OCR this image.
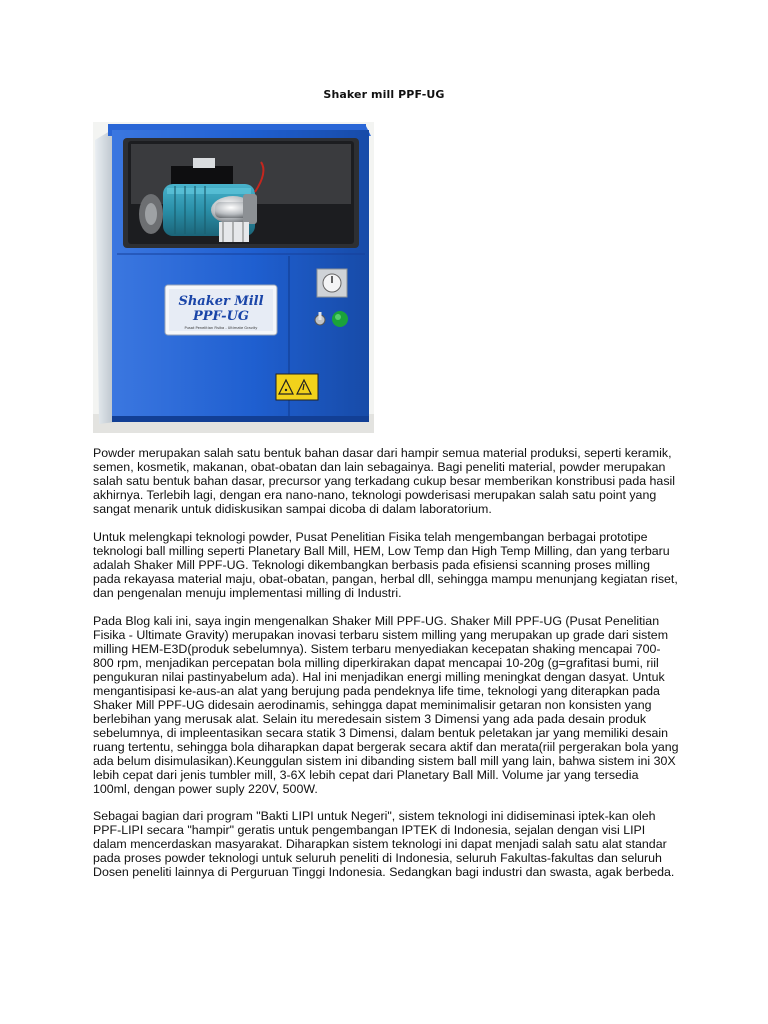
Shaker mill PPF-UG
Shaker Mill
PPF-UG
Pusat Penelitian Fisika - Ultimate Gravity

Powder merupakan salah satu bentuk bahan dasar dari hampir semua material produksi, seperti keramik, semen, kosmetik, makanan, obat-obatan dan lain sebagainya. Bagi peneliti material, powder merupakan salah satu bentuk bahan dasar, precursor yang terkadang cukup besar memberikan konstribusi pada hasil akhirnya. Terlebih lagi, dengan era nano-nano, teknologi powderisasi merupakan salah satu point yang sangat menarik untuk didiskusikan sampai dicoba di dalam laboratorium.

Untuk melengkapi teknologi powder, Pusat Penelitian Fisika telah mengembangan berbagai prototipe teknologi ball milling seperti Planetary Ball Mill, HEM, Low Temp dan High Temp Milling, dan yang terbaru adalah Shaker Mill PPF-UG. Teknologi dikembangkan berbasis pada efisiensi scanning proses milling pada rekayasa material maju, obat-obatan, pangan, herbal dll, sehingga mampu menunjang kegiatan riset, dan pengenalan menuju implementasi milling di Industri.

Pada Blog kali ini, saya ingin mengenalkan Shaker Mill PPF-UG. Shaker Mill PPF-UG (Pusat Penelitian Fisika - Ultimate Gravity) merupakan inovasi terbaru sistem milling yang merupakan up grade dari sistem milling HEM-E3D(produk sebelumnya). Sistem terbaru menyediakan kecepatan shaking mencapai 700-800 rpm, menjadikan percepatan bola milling diperkirakan dapat mencapai 10-20g (g=grafitasi bumi, riil pengukuran nilai pastinyabelum ada). Hal ini menjadikan energi milling meningkat dengan dasyat. Untuk mengantisipasi ke-aus-an alat yang berujung pada pendeknya life time, teknologi yang diterapkan pada Shaker Mill PPF-UG didesain aerodinamis, sehingga dapat meminimalisir getaran non konsisten yang berlebihan yang merusak alat. Selain itu meredesain sistem 3 Dimensi yang ada pada desain produk sebelumnya, di impleentasikan secara statik 3 Dimensi, dalam bentuk peletakan jar yang memiliki desain ruang tertentu, sehingga bola diharapkan dapat bergerak secara aktif dan merata(riil pergerakan bola yang ada belum disimulasikan).Keunggulan sistem ini dibanding sistem ball mill yang lain, bahwa sistem ini 30X lebih cepat dari jenis tumbler mill, 3-6X lebih cepat dari Planetary Ball Mill. Volume jar yang tersedia 100ml, dengan power suply 220V, 500W.

Sebagai bagian dari program "Bakti LIPI untuk Negeri", sistem teknologi ini didiseminasi iptek-kan oleh PPF-LIPI secara "hampir" geratis untuk pengembangan IPTEK di Indonesia, sejalan dengan visi LIPI dalam mencerdaskan masyarakat. Diharapkan sistem teknologi ini dapat menjadi salah satu alat standar pada proses powder teknologi untuk seluruh peneliti di Indonesia, seluruh Fakultas-fakultas dan seluruh Dosen peneliti lainnya di Perguruan Tinggi Indonesia. Sedangkan bagi industri dan swasta, agak berbeda.
